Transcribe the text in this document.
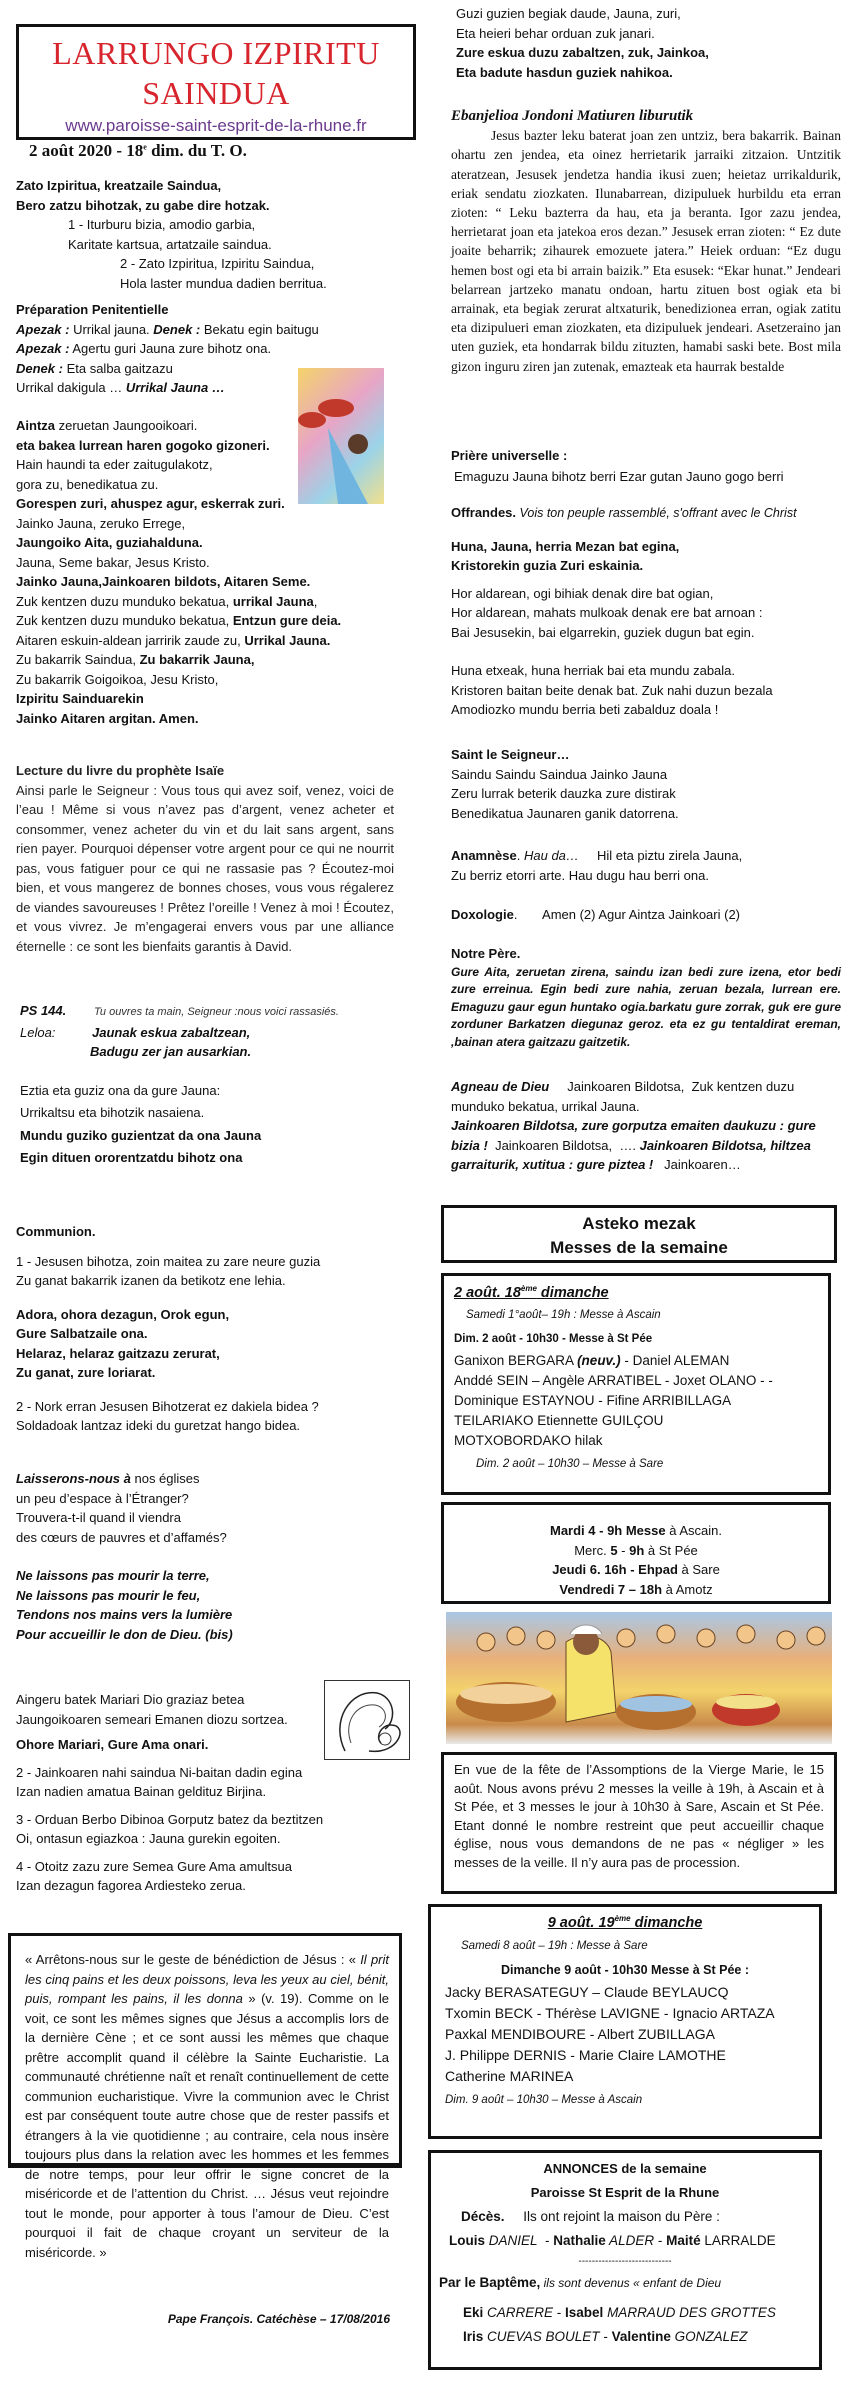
LARRUNGO IZPIRITU SAINDUA
www.paroisse-saint-esprit-de-la-rhune.fr
2 août 2020 - 18e dim. du T. O.
Zato Izpiritua, kreatzaile Saindua,
Bero zatzu bihotzak, zu gabe dire hotzak.
1 - Iturburu bizia, amodio garbia,
Karitate kartsua, artatzaile saindua.
2 - Zato Izpiritua, Izpiritu Saindua,
Hola laster mundua dadien berritua.
Préparation Penitentielle
Apezak : Urrikal jauna. Denek : Bekatu egin baitugu
Apezak : Agertu guri Jauna zure bihotz ona.
Denek : Eta salba gaitzazu
Urrikal dakigula … Urrikal Jauna …
Aintza zeruetan Jaungooikoari.
eta bakea lurrean haren gogoko gizoneri.
Hain haundi ta eder zaitugulakotz,
gora zu, benedikatua zu.
Gorespen zuri, ahuspez agur, eskerrak zuri.
Jainko Jauna, zeruko Errege,
Jaungoiko Aita, guziahalduna.
Jauna, Seme bakar, Jesus Kristo.
Jainko Jauna,Jainkoaren bildots, Aitaren Seme.
Zuk kentzen duzu munduko bekatua, urrikal Jauna,
Zuk kentzen duzu munduko bekatua, Entzun gure deia.
Aitaren eskuin-aldean jarririk zaude zu, Urrikal Jauna.
Zu bakarrik Saindua, Zu bakarrik Jauna,
Zu bakarrik Goigoikoa, Jesu Kristo,
Izpiritu Sainduarekin
Jainko Aitaren argitan. Amen.
Lecture du livre du prophète Isaïe

Ainsi parle le Seigneur : Vous tous qui avez soif, venez, voici de l’eau ! Même si vous n’avez pas d’argent, venez acheter et consommer, venez acheter du vin et du lait sans argent, sans rien payer. Pourquoi dépenser votre argent pour ce qui ne nourrit pas, vous fatiguer pour ce qui ne rassasie pas ? Écoutez-moi bien, et vous mangerez de bonnes choses, vous vous régalerez de viandes savoureuses ! Prêtez l’oreille ! Venez à moi ! Écoutez, et vous vivrez. Je m’engagerai envers vous par une alliance éternelle : ce sont les bienfaits garantis à David.

PS 144.	Tu ouvres ta main, Seigneur :nous voici rassasiés.
Leloa:	Jaunak eskua zabaltzean,
Badugu zer jan ausarkian.
Eztia eta guziz ona da gure Jauna:
Urrikaltsu eta bihotzik nasaiena.
Mundu guziko guzientzat da ona Jauna
Egin dituen ororentzatdu bihotz ona
Communion.
1 - Jesusen bihotza, zoin maitea zu zare neure guzia
Zu ganat bakarrik izanen da betikotz ene lehia.
Adora, ohora dezagun, Orok egun,
Gure Salbatzaile ona.
Helaraz, helaraz gaitzazu zerurat,
Zu ganat, zure loriarat.
2 - Nork erran Jesusen Bihotzerat ez dakiela bidea ?
Soldadoak lantzaz ideki du guretzat hango bidea.
Laisserons-nous à nos églises
un peu d’espace à l’Étranger?
Trouvera-t-il quand il viendra
des cœurs de pauvres et d’affamés?
Ne laissons pas mourir la terre,
Ne laissons pas mourir le feu,
Tendons nos mains vers la lumière
Pour accueillir le don de Dieu. (bis)
Aingeru batek Mariari Dio graziaz betea
Jaungoikoaren semeari Emanen diozu sortzea.
Ohore Mariari, Gure Ama onari.
2 - Jainkoaren nahi saindua Ni-baitan dadin egina
Izan nadien amatua Bainan geldituz Birjina.
3 - Orduan Berbo Dibinoa Gorputz batez da beztitzen
Oi, ontasun egiazkoa : Jauna gurekin egoiten.
4 - Otoitz zazu zure Semea Gure Ama amultsua
Izan dezagun fagorea Ardiesteko zerua.

« Arrêtons-nous sur le geste de bénédiction de Jésus : « Il prit les cinq pains et les deux poissons, leva les yeux au ciel, bénit, puis, rompant les pains, il les donna » (v. 19). Comme on le voit, ce sont les mêmes signes que Jésus a accomplis lors de la dernière Cène ; et ce sont aussi les mêmes que chaque prêtre accomplit quand il célèbre la Sainte Eucharistie. La communauté chrétienne naît et renaît continuellement de cette communion eucharistique. Vivre la communion avec le Christ est par conséquent toute autre chose que de rester passifs et étrangers à la vie quotidienne ; au contraire, cela nous insère toujours plus dans la relation avec les hommes et les femmes de notre temps, pour leur offrir le signe concret de la miséricorde et de l’attention du Christ. … Jésus veut rejoindre tout le monde, pour apporter à tous l’amour de Dieu. C’est pourquoi il fait de chaque croyant un serviteur de la miséricorde. »

Pape François. Catéchèse – 17/08/2016
Guzi guzien begiak daude, Jauna, zuri,
Eta heieri behar orduan zuk janari.
Zure eskua duzu zabaltzen, zuk, Jainkoa,
Eta badute hasdun guziek nahikoa.
Ebanjelioa Jondoni Matiuren liburutik

Jesus bazter leku baterat joan zen untziz, bera bakarrik. Bainan ohartu zen jendea, eta oinez herrietarik jarraiki zitzaion. Untzitik ateratzean, Jesusek jendetza handia ikusi zuen; heietaz urrikaldurik, eriak sendatu ziozkaten. Ilunabarrean, dizipuluek hurbildu eta erran zioten: “ Leku bazterra da hau, eta ja beranta. Igor zazu jendea, herrietarat joan eta jatekoa eros dezan.” Jesusek erran zioten: “ Ez dute joaite beharrik; zihaurek emozuete jatera.” Heiek orduan: “Ez dugu hemen bost ogi eta bi arrain baizik.” Eta esusek: “Ekar hunat.” Jendeari belarrean jartzeko manatu ondoan, hartu zituen bost ogiak eta bi arrainak, eta begiak zerurat altxaturik, benedizionea erran, ogiak zatitu eta dizipulueri eman ziozkaten, eta dizipuluek jendeari. Asetzeraino jan uten guziek, eta hondarrak bildu zituzten, hamabi saski bete. Bost mila gizon inguru ziren jan zutenak, emazteak eta haurrak bestalde

Prière universelle :
Emaguzu Jauna bihotz berri Ezar gutan Jauno gogo berri
Offrandes. Vois ton peuple rassemblé, s'offrant avec le Christ
Huna, Jauna, herria Mezan bat egina,
Kristorekin guzia Zuri eskainia.
Hor aldarean, ogi bihiak denak dire bat ogian,
Hor aldarean, mahats mulkoak denak ere bat arnoan :
Bai Jesusekin, bai elgarrekin, guziek dugun bat egin.
Huna etxeak, huna herriak bai eta mundu zabala.
Kristoren baitan beite denak bat. Zuk nahi duzun bezala
Amodiozko mundu berria beti zabalduz doala !
Saint le Seigneur…
Saindu Saindu Saindua Jainko Jauna
Zeru lurrak beterik dauzka zure distirak
Benedikatua Jaunaren ganik datorrena.
Anamnèse. Hau da…     Hil eta piztu zirela Jauna,
Zu berriz etorri arte. Hau dugu hau berri ona.
Doxologie.       Amen (2) Agur Aintza Jainkoari (2)
Notre Père.

Gure Aita, zeruetan zirena, saindu izan bedi zure izena, etor bedi zure erreinua. Egin bedi zure nahia, zeruan bezala, lurrean ere. Emaguzu gaur egun huntako ogia.barkatu gure zorrak, guk ere gure zorduner Barkatzen diegunaz geroz. eta ez gu tentaldirat ereman, ,bainan atera gaitzazu gaitzetik.

Agneau de Dieu     Jainkoaren Bildotsa,  Zuk kentzen duzu munduko bekatua, urrikal Jauna.

Jainkoaren Bildotsa, zure gorputza emaiten daukuzu : gure bizia !  Jainkoaren Bildotsa,  …. Jainkoaren Bildotsa, hiltzea garraiturik, xutitua : gure piztea !   Jainkoaren…

Asteko mezak
Messes de la semaine
2 août. 18ème dimanche
Samedi 1°août– 19h : Messe à Ascain
Dim. 2 août - 10h30 - Messe à St Pée
Ganixon BERGARA (neuv.) - Daniel ALEMAN
Anddé SEIN – Angèle ARRATIBEL - Joxet OLANO - -
Dominique ESTAYNOU - Fifine ARRIBILLAGA
TEILARIAKO Etiennette GUILÇOU
MOTXOBORDAKO hilak
Dim. 2 août – 10h30 – Messe à Sare
Mardi 4 - 9h Messe à Ascain.
Merc. 5 - 9h à St Pée
Jeudi 6. 16h - Ehpad à Sare
Vendredi 7 – 18h à Amotz

En vue de la fête de l’Assomptions de la Vierge Marie, le 15 août. Nous avons prévu 2 messes la veille à 19h, à Ascain et à St Pée, et 3 messes le jour à 10h30 à Sare, Ascain et St Pée. Etant donné le nombre restreint que peut accueillir chaque église, nous vous demandons de ne pas « négliger » les messes de la veille. Il n’y aura pas de procession.

9 août. 19ème dimanche
Samedi 8 août – 19h : Messe à Sare
Dimanche 9 août - 10h30 Messe à St Pée :
Jacky BERASATEGUY – Claude BEYLAUCQ
Txomin BECK - Thérèse LAVIGNE - Ignacio ARTAZA
Paxkal MENDIBOURE - Albert ZUBILLAGA
J. Philippe DERNIS - Marie Claire LAMOTHE
Catherine MARINEA
Dim. 9 août – 10h30 – Messe à Ascain
ANNONCES de la semaine
Paroisse St Esprit de la Rhune
Décès.     Ils ont rejoint la maison du Père :
Louis DANIEL  - Nathalie ALDER - Maité LARRALDE
----------------------------
Par le Baptême, ils sont devenus « enfant de Dieu
Eki CARRERE - Isabel MARRAUD DES GROTTES
Iris CUEVAS BOULET - Valentine GONZALEZ
